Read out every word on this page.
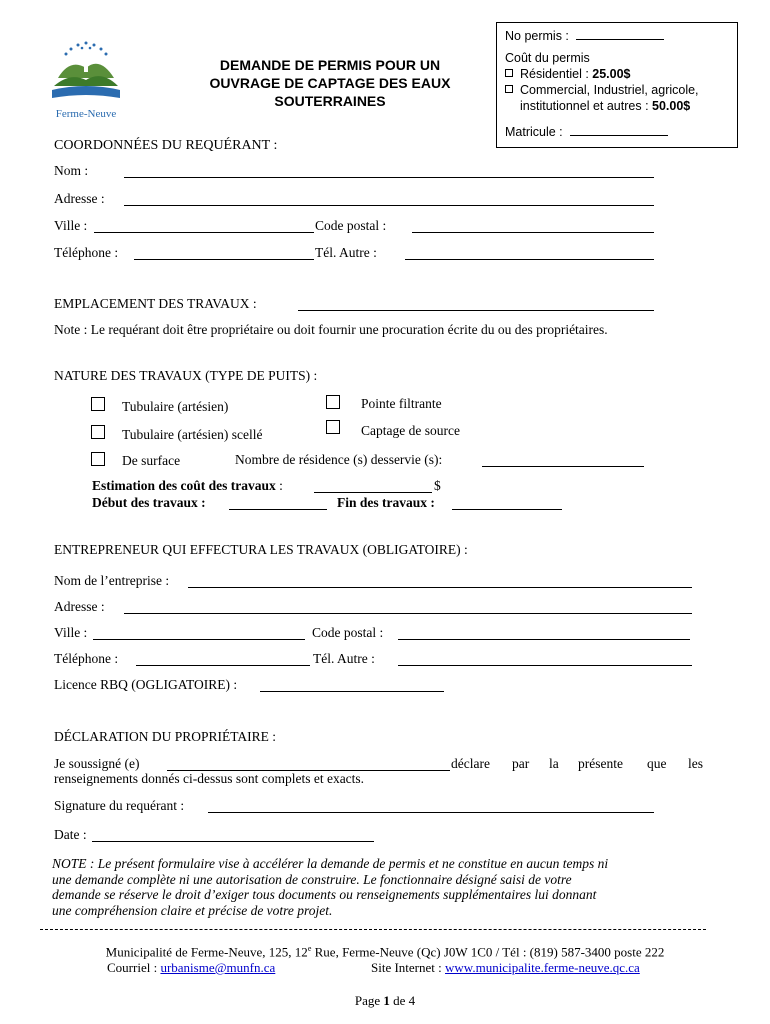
Ferme-Neuve
DEMANDE DE PERMIS POUR UN
OUVRAGE DE CAPTAGE DES EAUX
SOUTERRAINES
No permis :
Coût du permis
Résidentiel : 25.00$
Commercial, Industriel, agricole,
institutionnel et autres : 50.00$
Matricule :
COORDONNÉES DU REQUÉRANT :
Nom :
Adresse :
Ville :	Code postal :
Téléphone :	Tél. Autre :
EMPLACEMENT DES TRAVAUX :
Note : Le requérant doit être propriétaire ou doit fournir une procuration écrite du ou des propriétaires.
NATURE DES TRAVAUX (TYPE DE PUITS) :
Tubulaire (artésien)	Pointe filtrante
Tubulaire (artésien) scellé	Captage de source
De surface	Nombre de résidence (s) desservie (s):
Estimation des coût des travaux :	$
Début des travaux :	Fin des travaux :
ENTREPRENEUR QUI EFFECTURA LES TRAVAUX (OBLIGATOIRE) :
Nom de l’entreprise :
Adresse :
Ville :	Code postal :
Téléphone :	Tél. Autre :
Licence RBQ (OGLIGATOIRE) :
DÉCLARATION DU PROPRIÉTAIRE :
Je soussigné (e)	déclare par la présente que les
renseignements donnés ci-dessus sont complets et exacts.
Signature du requérant :
Date :
NOTE : Le présent formulaire vise à accélérer la demande de permis et ne constitue en aucun temps ni
une demande complète ni une autorisation de construire. Le fonctionnaire désigné saisi de votre
demande se réserve le droit d’exiger tous documents ou renseignements supplémentaires lui donnant
une compréhension claire et précise de votre projet.
Municipalité de Ferme-Neuve, 125, 12e Rue, Ferme-Neuve (Qc) J0W 1C0 / Tél : (819) 587-3400 poste 222
Courriel : urbanisme@munfn.ca	Site Internet : www.municipalite.ferme-neuve.qc.ca
Page 1 de 4
